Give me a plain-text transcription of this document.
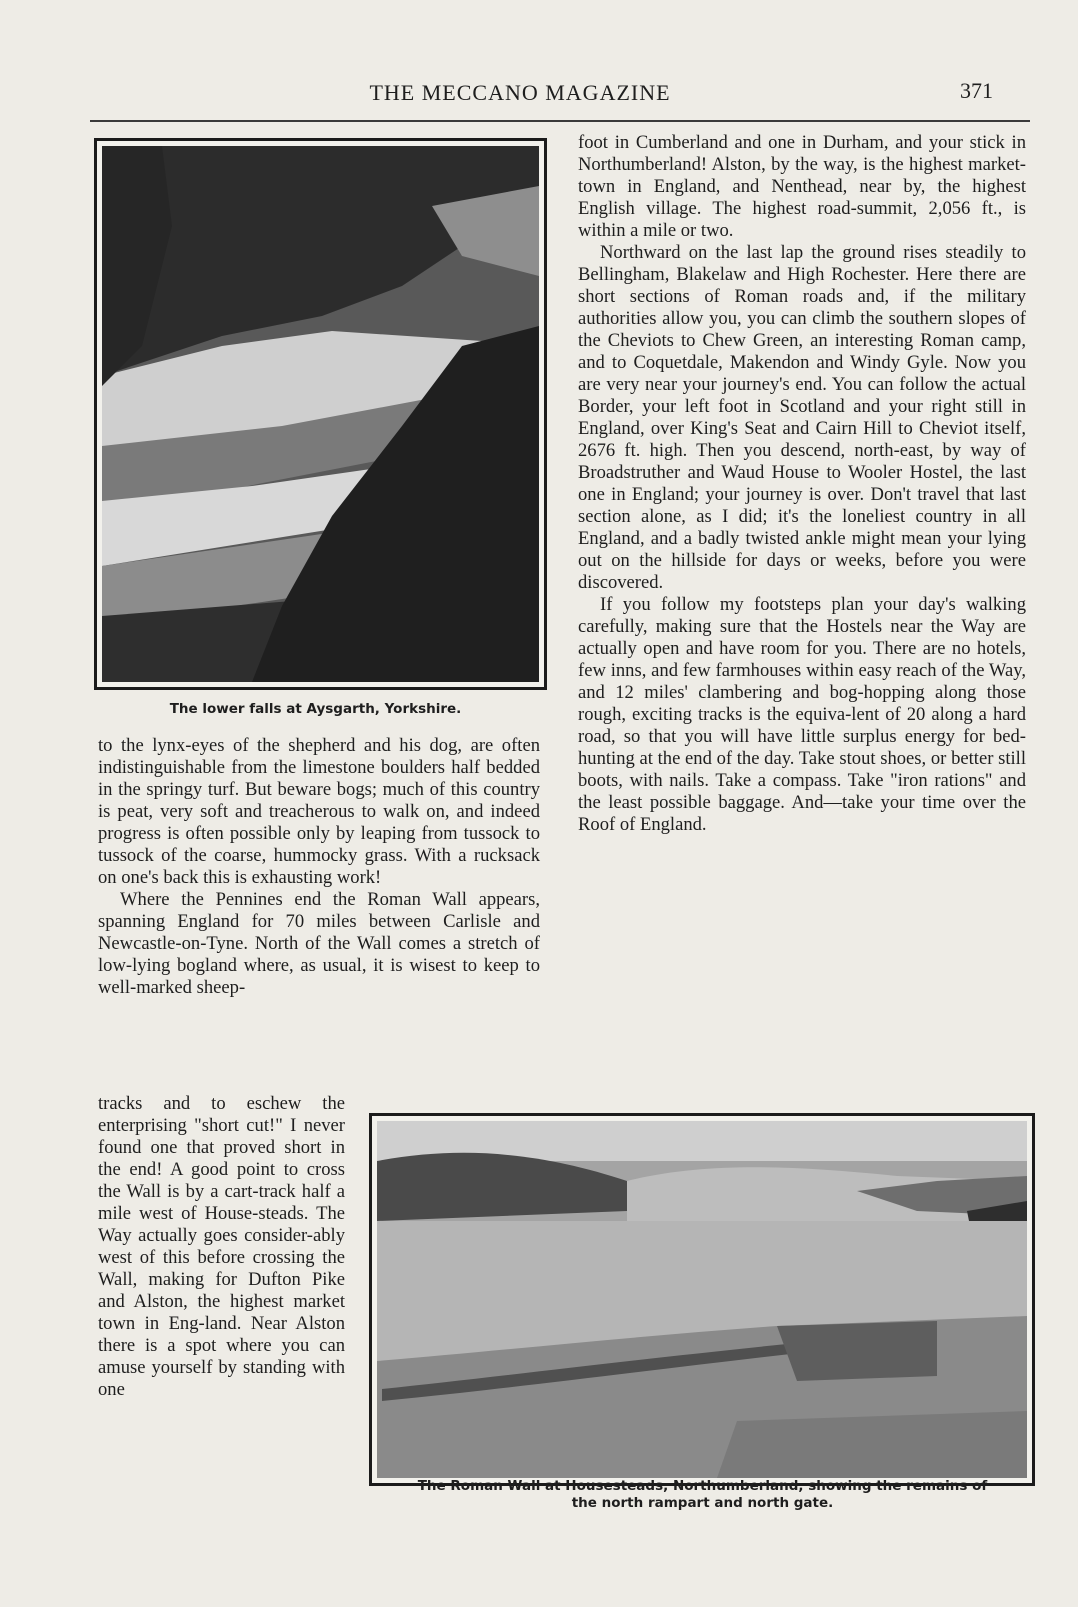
THE MECCANO MAGAZINE	371
The lower falls at Aysgarth, Yorkshire.

to the lynx-eyes of the shepherd and his dog, are often indistinguishable from the limestone boulders half bedded in the springy turf. But beware bogs; much of this country is peat, very soft and treacherous to walk on, and indeed progress is often possible only by leaping from tussock to tussock of the coarse, hummocky grass. With a rucksack on one's back this is exhausting work!

Where the Pennines end the Roman Wall appears, spanning England for 70 miles between Carlisle and Newcastle-on-Tyne. North of the Wall comes a stretch of low-lying bogland where, as usual, it is wisest to keep to well-marked sheep-

tracks and to eschew the enterprising "short cut!" I never found one that proved short in the end! A good point to cross the Wall is by a cart-track half a mile west of House-steads. The Way actually goes consider-ably west of this before crossing the Wall, making for Dufton Pike and Alston, the highest market town in Eng-land. Near Alston there is a spot where you can amuse yourself by standing with one

foot in Cumberland and one in Durham, and your stick in Northumberland! Alston, by the way, is the highest market-town in England, and Nenthead, near by, the highest English village. The highest road-summit, 2,056 ft., is within a mile or two.

Northward on the last lap the ground rises steadily to Bellingham, Blakelaw and High Rochester. Here there are short sections of Roman roads and, if the military authorities allow you, you can climb the southern slopes of the Cheviots to Chew Green, an interesting Roman camp, and to Coquetdale, Makendon and Windy Gyle. Now you are very near your journey's end. You can follow the actual Border, your left foot in Scotland and your right still in England, over King's Seat and Cairn Hill to Cheviot itself, 2676 ft. high. Then you descend, north-east, by way of Broadstruther and Waud House to Wooler Hostel, the last one in England; your journey is over. Don't travel that last section alone, as I did; it's the loneliest country in all England, and a badly twisted ankle might mean your lying out on the hillside for days or weeks, before you were discovered.

If you follow my footsteps plan your day's walking carefully, making sure that the Hostels near the Way are actually open and have room for you. There are no hotels, few inns, and few farmhouses within easy reach of the Way, and 12 miles' clambering and bog-hopping along those rough, exciting tracks is the equiva-lent of 20 along a hard road, so that you will have little surplus energy for bed-hunting at the end of the day. Take stout shoes, or better still boots, with nails. Take a compass. Take "iron rations" and the least possible baggage. And—take your time over the Roof of England.

The Roman Wall at Housesteads, Northumberland, showing the remains of
the north rampart and north gate.
